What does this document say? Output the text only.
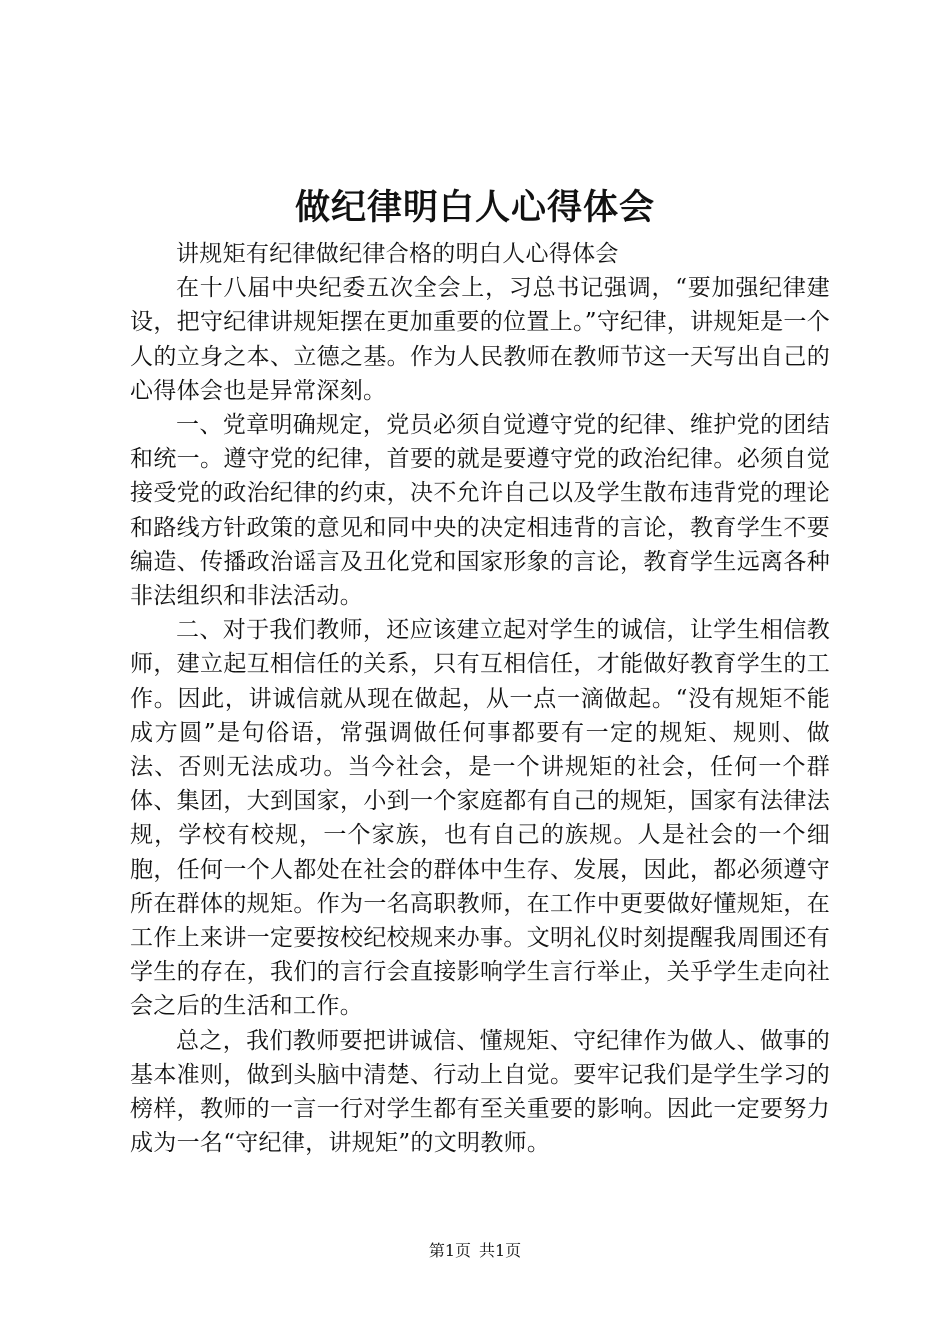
做纪律明白人心得体会

讲规矩有纪律做纪律合格的明白人心得体会

在十八届中央纪委五次全会上，习总书记强调，“要加强纪律建设，把守纪律讲规矩摆在更加重要的位置上。”守纪律，讲规矩是一个人的立身之本、立德之基。作为人民教师在教师节这一天写出自己的心得体会也是异常深刻。

一、党章明确规定，党员必须自觉遵守党的纪律、维护党的团结和统一。遵守党的纪律，首要的就是要遵守党的政治纪律。必须自觉接受党的政治纪律的约束，决不允许自己以及学生散布违背党的理论和路线方针政策的意见和同中央的决定相违背的言论，教育学生不要编造、传播政治谣言及丑化党和国家形象的言论，教育学生远离各种非法组织和非法活动。

二、对于我们教师，还应该建立起对学生的诚信，让学生相信教师，建立起互相信任的关系，只有互相信任，才能做好教育学生的工作。因此，讲诚信就从现在做起，从一点一滴做起。“没有规矩不能成方圆”是句俗语，常强调做任何事都要有一定的规矩、规则、做法、否则无法成功。当今社会，是一个讲规矩的社会，任何一个群体、集团，大到国家，小到一个家庭都有自己的规矩，国家有法律法规，学校有校规，一个家族，也有自己的族规。人是社会的一个细胞，任何一个人都处在社会的群体中生存、发展，因此，都必须遵守所在群体的规矩。作为一名高职教师，在工作中更要做好懂规矩，在工作上来讲一定要按校纪校规来办事。文明礼仪时刻提醒我周围还有学生的存在，我们的言行会直接影响学生言行举止，关乎学生走向社会之后的生活和工作。

总之，我们教师要把讲诚信、懂规矩、守纪律作为做人、做事的基本准则，做到头脑中清楚、行动上自觉。要牢记我们是学生学习的榜样，教师的一言一行对学生都有至关重要的影响。因此一定要努力成为一名“守纪律，讲规矩”的文明教师。

第1页 共1页
